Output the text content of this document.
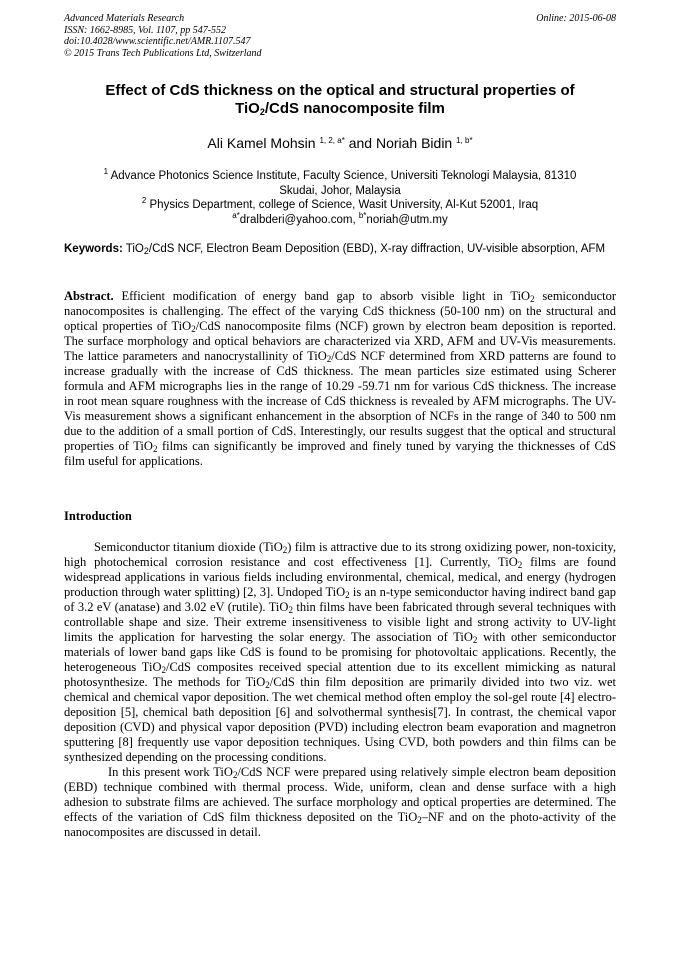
Advanced Materials Research
ISSN: 1662-8985, Vol. 1107, pp 547-552
doi:10.4028/www.scientific.net/AMR.1107.547
© 2015 Trans Tech Publications Ltd, Switzerland
Online: 2015-06-08
Effect of CdS thickness on the optical and structural properties of
TiO$_2$/CdS nanocomposite film
Ali Kamel Mohsin $^{1, 2, a*}$ and Noriah Bidin $^{1, b*}$
$^1$ Advance Photonics Science Institute, Faculty Science, Universiti Teknologi Malaysia, 81310
Skudai, Johor, Malaysia
$^2$ Physics Department, college of Science, Wasit University, Al-Kut 52001, Iraq
$^{a*}$dralbderi@yahoo.com, $^{b*}$noriah@utm.my
Keywords: TiO$_2$/CdS NCF, Electron Beam Deposition (EBD), X-ray diffraction, UV-visible absorption, AFM
Abstract. Efficient modification of energy band gap to absorb visible light in TiO$_2$ semiconductor nanocomposites is challenging. The effect of the varying CdS thickness (50-100 nm) on the structural and optical properties of TiO$_2$/CdS nanocomposite films (NCF) grown by electron beam deposition is reported. The surface morphology and optical behaviors are characterized via XRD, AFM and UV-Vis measurements. The lattice parameters and nanocrystallinity of TiO$_2$/CdS NCF determined from XRD patterns are found to increase gradually with the increase of CdS thickness. The mean particles size estimated using Scherer formula and AFM micrographs lies in the range of 10.29 -59.71 nm for various CdS thickness. The increase in root mean square roughness with the increase of CdS thickness is revealed by AFM micrographs. The UV-Vis measurement shows a significant enhancement in the absorption of NCFs in the range of 340 to 500 nm due to the addition of a small portion of CdS. Interestingly, our results suggest that the optical and structural properties of TiO$_2$ films can significantly be improved and finely tuned by varying the thicknesses of CdS film useful for applications.
Introduction

Semiconductor titanium dioxide (TiO$_2$) film is attractive due to its strong oxidizing power, non-toxicity, high photochemical corrosion resistance and cost effectiveness [1]. Currently, TiO$_2$ films are found widespread applications in various fields including environmental, chemical, medical, and energy (hydrogen production through water splitting) [2, 3]. Undoped TiO$_2$ is an n-type semiconductor having indirect band gap of 3.2 eV (anatase) and 3.02 eV (rutile). TiO$_2$ thin films have been fabricated through several techniques with controllable shape and size. Their extreme insensitiveness to visible light and strong activity to UV-light limits the application for harvesting the solar energy. The association of TiO$_2$ with other semiconductor materials of lower band gaps like CdS is found to be promising for photovoltaic applications. Recently, the heterogeneous TiO$_2$/CdS composites received special attention due to its excellent mimicking as natural photosynthesize. The methods for TiO$_2$/CdS thin film deposition are primarily divided into two viz. wet chemical and chemical vapor deposition. The wet chemical method often employ the sol-gel route [4] electro-deposition [5], chemical bath deposition [6] and solvothermal synthesis[7]. In contrast, the chemical vapor deposition (CVD) and physical vapor deposition (PVD) including electron beam evaporation and magnetron sputtering [8] frequently use vapor deposition techniques. Using CVD, both powders and thin films can be synthesized depending on the processing conditions.

In this present work TiO$_2$/CdS NCF were prepared using relatively simple electron beam deposition (EBD) technique combined with thermal process. Wide, uniform, clean and dense surface with a high adhesion to substrate films are achieved. The surface morphology and optical properties are determined. The effects of the variation of CdS film thickness deposited on the TiO$_2$–NF and on the photo-activity of the nanocomposites are discussed in detail.
